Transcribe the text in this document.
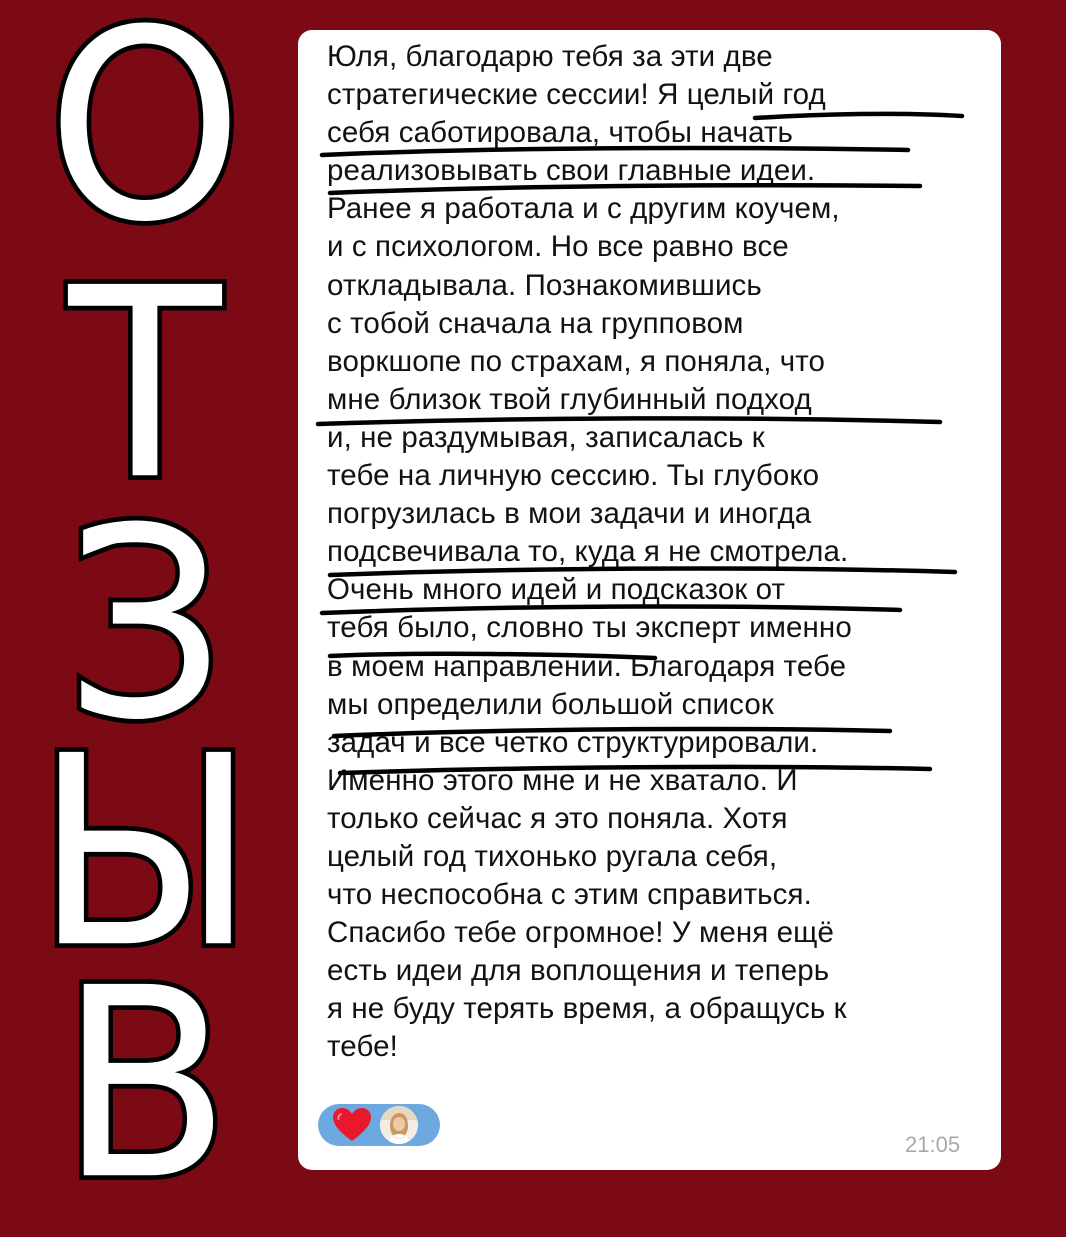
О
Т
З
Ы
В
Юля, благодарю тебя за эти две
стратегические сессии! Я целый год
себя саботировала, чтобы начать
реализовывать свои главные идеи.
Ранее я работала и с другим коучем,
и с психологом. Но все равно все
откладывала. Познакомившись
с тобой сначала на групповом
воркшопе по страхам, я поняла, что
мне близок твой глубинный подход
и, не раздумывая, записалась к
тебе на личную сессию. Ты глубоко
погрузилась в мои задачи и иногда
подсвечивала то, куда я не смотрела.
Очень много идей и подсказок от
тебя было, словно ты эксперт именно
в моем направлении. Благодаря тебе
мы определили большой список
задач и все четко структурировали.
Именно этого мне и не хватало. И
только сейчас я это поняла. Хотя
целый год тихонько ругала себя,
что неспособна с этим справиться.
Спасибо тебе огромное! У меня ещё
есть идеи для воплощения и теперь
я не буду терять время, а обращусь к
тебе!
21:05
